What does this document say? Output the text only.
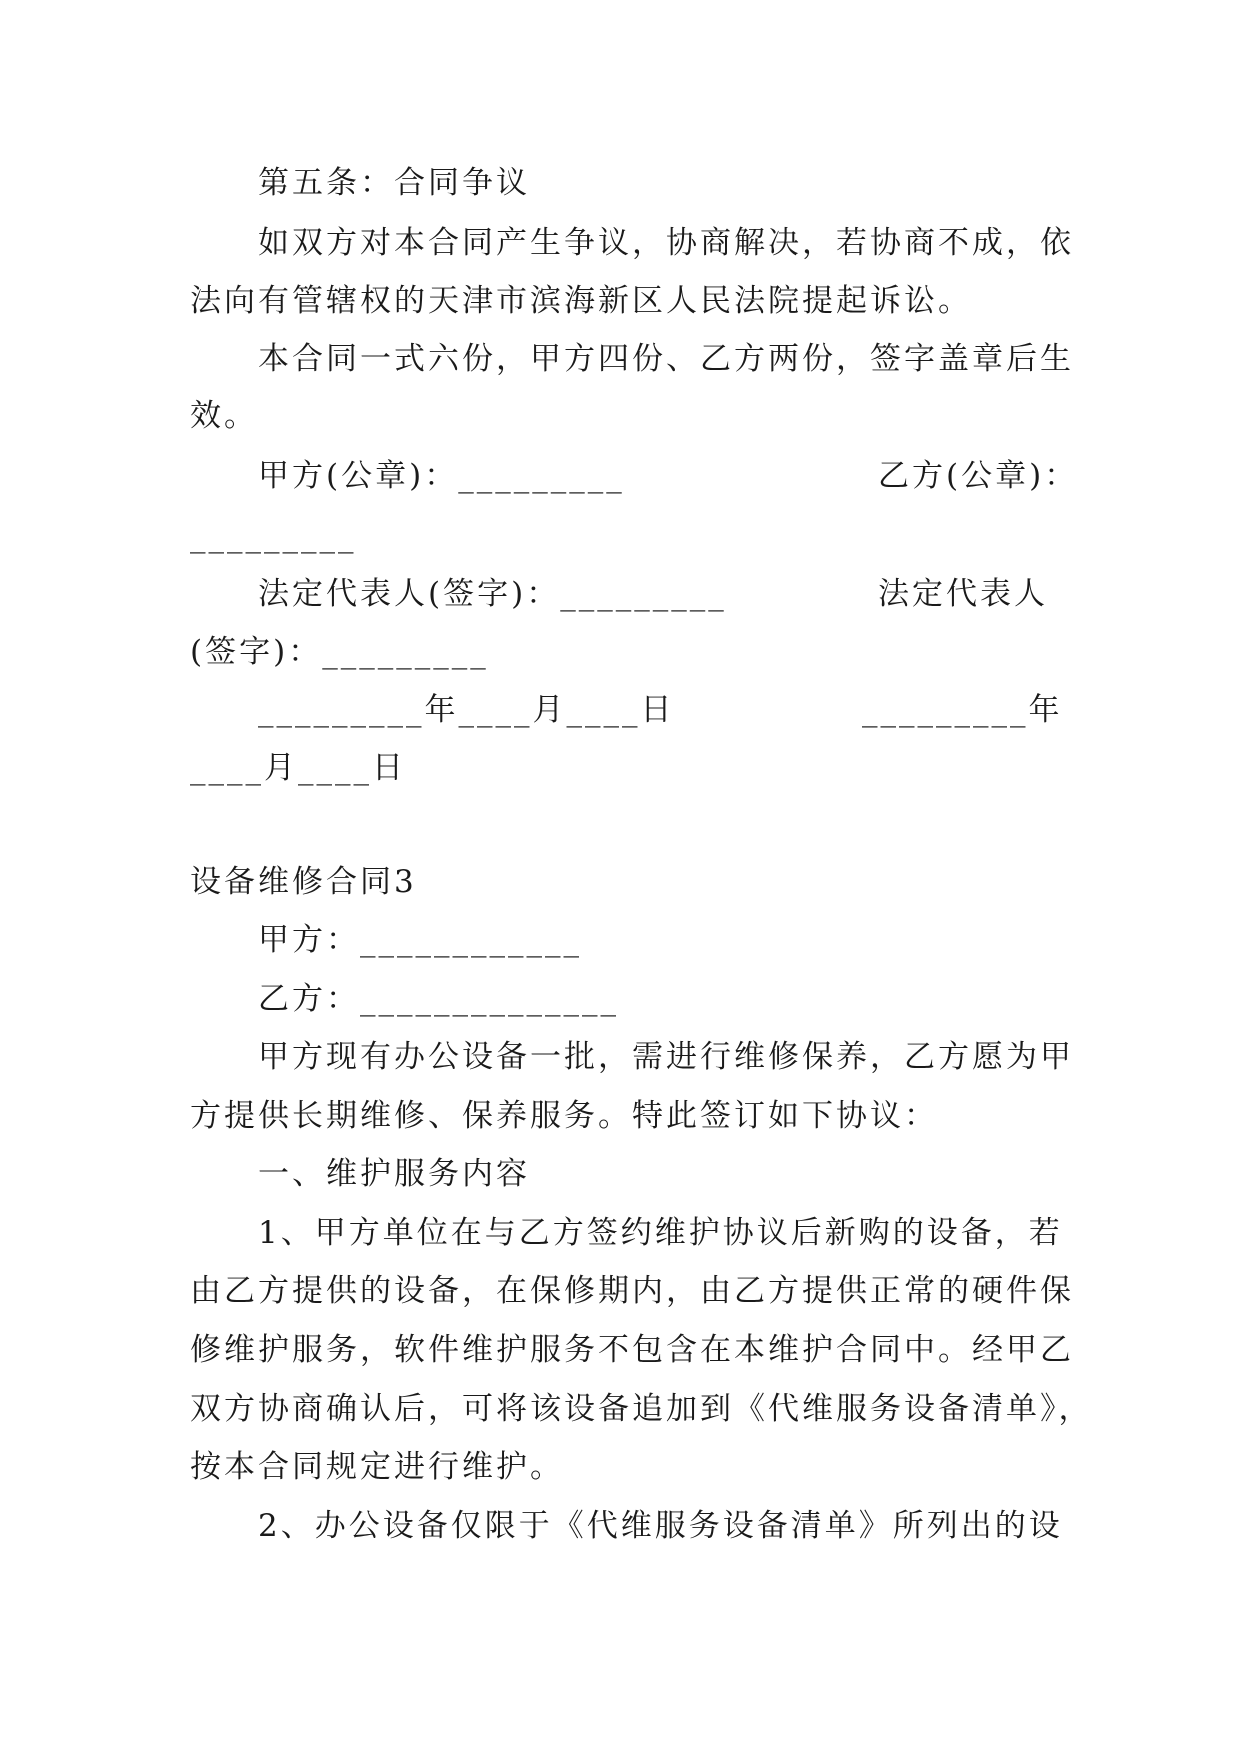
第五条：合同争议
如双方对本合同产生争议，协商解决，若协商不成，依
法向有管辖权的天津市滨海新区人民法院提起诉讼。
本合同一式六份，甲方四份、乙方两份，签字盖章后生
效。
甲方(公章)：_________	乙方(公章)：
_________
法定代表人(签字)：_________	法定代表人
(签字)：_________
_________年____月____日	_________年
____月____日
设备维修合同3
甲方：____________
乙方：______________
甲方现有办公设备一批，需进行维修保养，乙方愿为甲
方提供长期维修、保养服务。特此签订如下协议：
一、维护服务内容
1、甲方单位在与乙方签约维护协议后新购的设备，若
由乙方提供的设备，在保修期内，由乙方提供正常的硬件保
修维护服务，软件维护服务不包含在本维护合同中。经甲乙
双方协商确认后，可将该设备追加到《代维服务设备清单》，
按本合同规定进行维护。
2、办公设备仅限于《代维服务设备清单》所列出的设
